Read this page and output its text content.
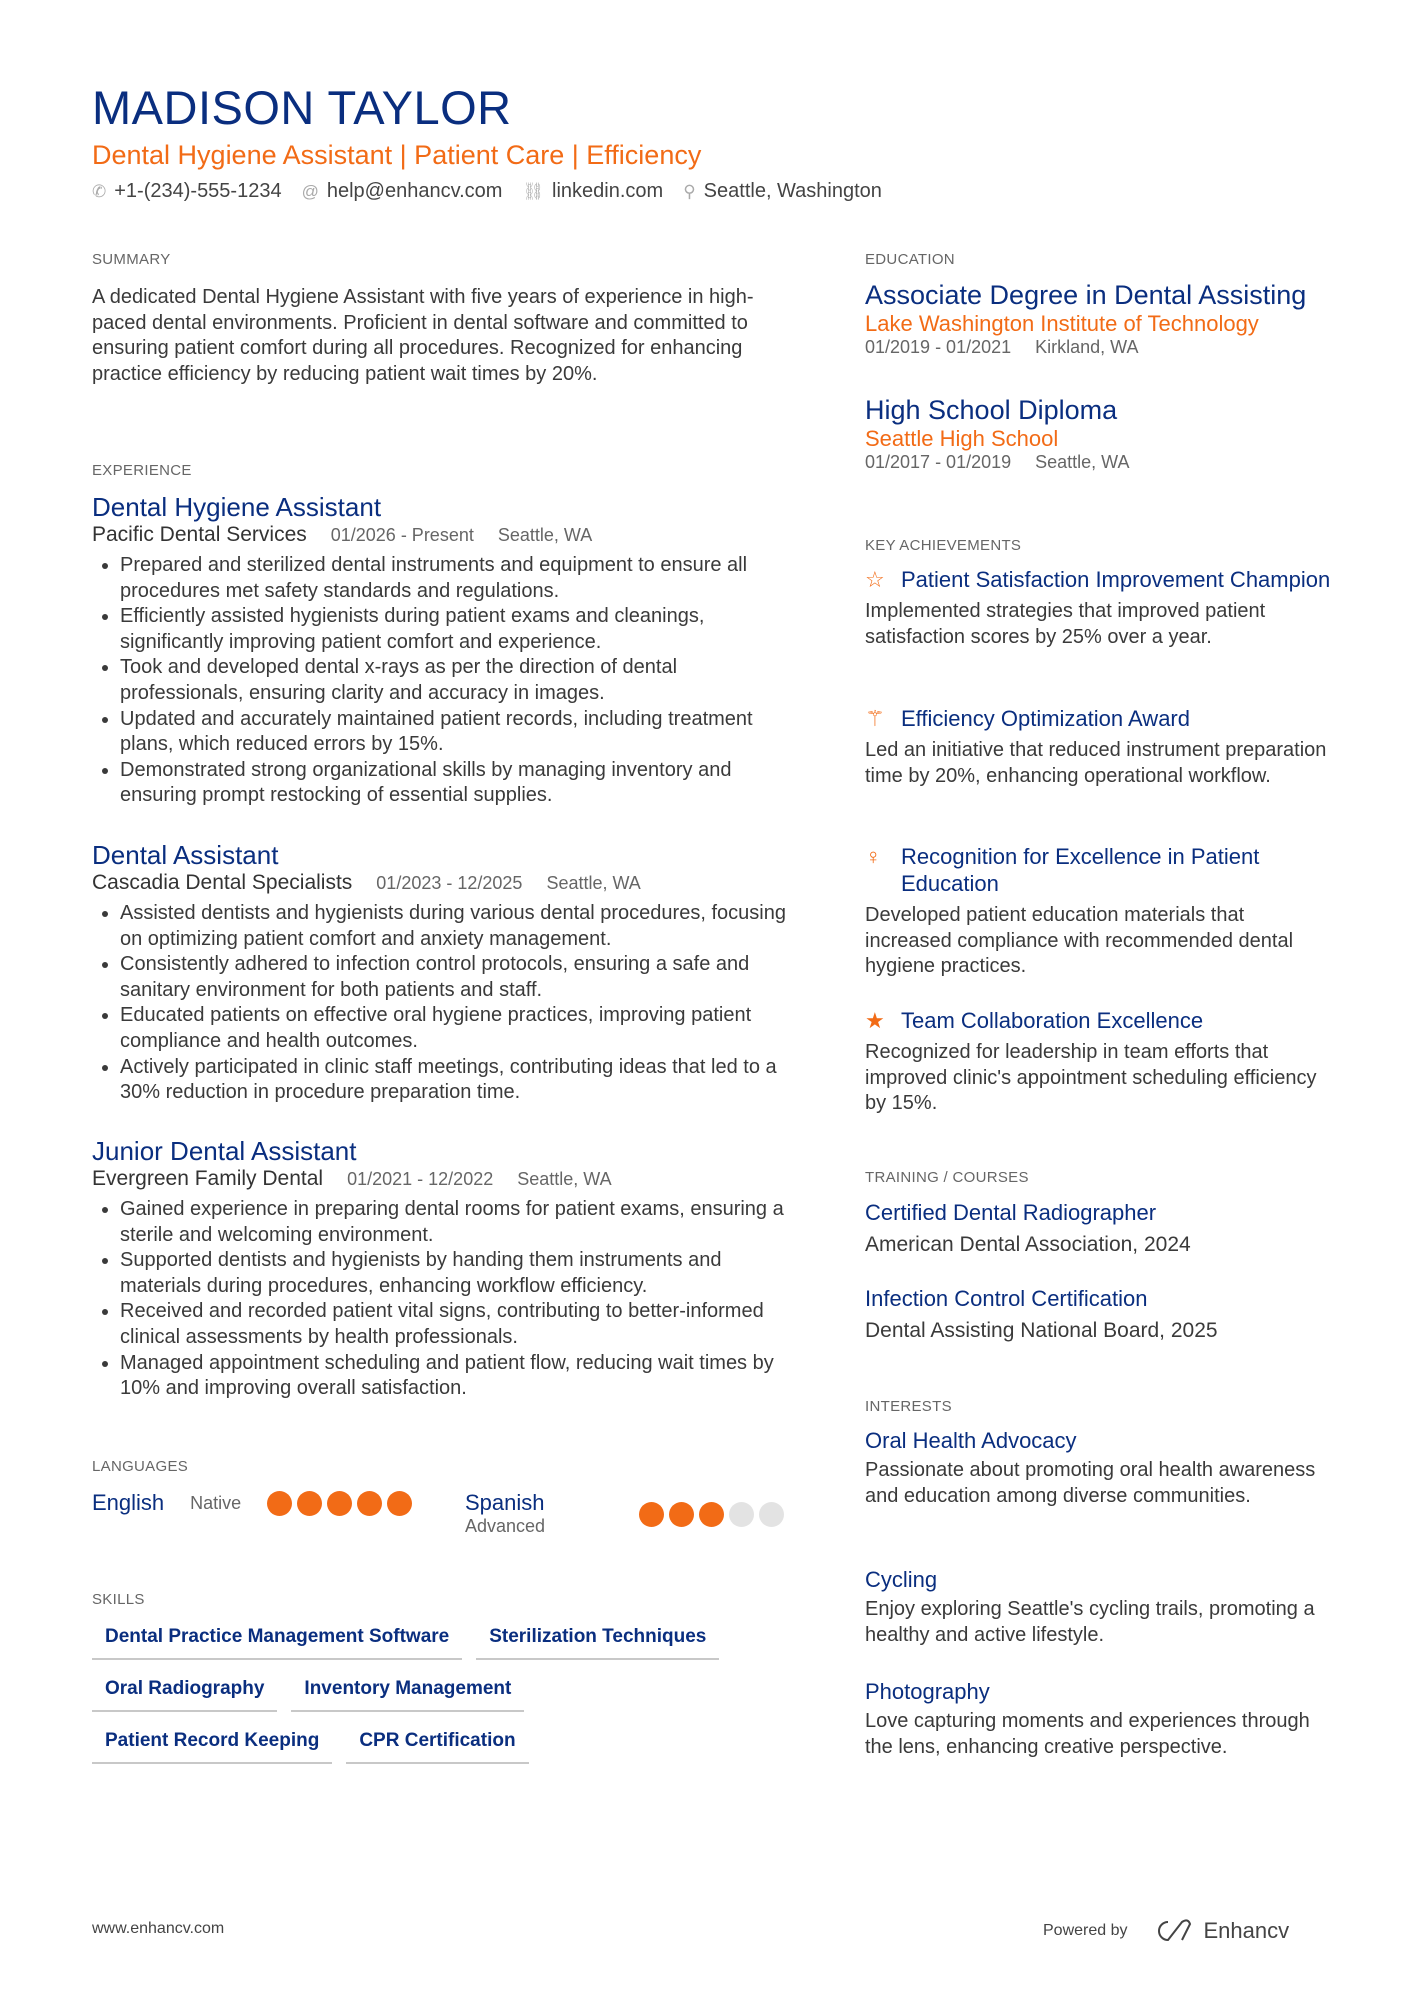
MADISON TAYLOR
Dental Hygiene Assistant | Patient Care | Efficiency
✆ +1-(234)-555-1234 @ help@enhancv.com ⛓ linkedin.com ⚲ Seattle, Washington
SUMMARY
A dedicated Dental Hygiene Assistant with five years of experience in high-paced dental environments. Proficient in dental software and committed to ensuring patient comfort during all procedures. Recognized for enhancing practice efficiency by reducing patient wait times by 20%.
EXPERIENCE
Dental Hygiene Assistant
Pacific Dental Services 01/2026 - Present Seattle, WA
• Prepared and sterilized dental instruments and equipment to ensure all procedures met safety standards and regulations.
• Efficiently assisted hygienists during patient exams and cleanings, significantly improving patient comfort and experience.
• Took and developed dental x-rays as per the direction of dental professionals, ensuring clarity and accuracy in images.
• Updated and accurately maintained patient records, including treatment plans, which reduced errors by 15%.
• Demonstrated strong organizational skills by managing inventory and ensuring prompt restocking of essential supplies.
Dental Assistant
Cascadia Dental Specialists 01/2023 - 12/2025 Seattle, WA
• Assisted dentists and hygienists during various dental procedures, focusing on optimizing patient comfort and anxiety management.
• Consistently adhered to infection control protocols, ensuring a safe and sanitary environment for both patients and staff.
• Educated patients on effective oral hygiene practices, improving patient compliance and health outcomes.
• Actively participated in clinic staff meetings, contributing ideas that led to a 30% reduction in procedure preparation time.
Junior Dental Assistant
Evergreen Family Dental 01/2021 - 12/2022 Seattle, WA
• Gained experience in preparing dental rooms for patient exams, ensuring a sterile and welcoming environment.
• Supported dentists and hygienists by handing them instruments and materials during procedures, enhancing workflow efficiency.
• Received and recorded patient vital signs, contributing to better-informed clinical assessments by health professionals.
• Managed appointment scheduling and patient flow, reducing wait times by 10% and improving overall satisfaction.
LANGUAGES
English Native	Spanish
Advanced
SKILLS
Dental Practice Management Software Sterilization Techniques
Oral Radiography Inventory Management
Patient Record Keeping CPR Certification
EDUCATION
Associate Degree in Dental Assisting
Lake Washington Institute of Technology
01/2019 - 01/2021 Kirkland, WA
High School Diploma
Seattle High School
01/2017 - 01/2019 Seattle, WA
KEY ACHIEVEMENTS
☆ Patient Satisfaction Improvement Champion
Implemented strategies that improved patient satisfaction scores by 25% over a year.
⚚ Efficiency Optimization Award
Led an initiative that reduced instrument preparation time by 20%, enhancing operational workflow.
♀ Recognition for Excellence in Patient Education
Developed patient education materials that increased compliance with recommended dental hygiene practices.
★ Team Collaboration Excellence
Recognized for leadership in team efforts that improved clinic's appointment scheduling efficiency by 15%.
TRAINING / COURSES
Certified Dental Radiographer
American Dental Association, 2024
Infection Control Certification
Dental Assisting National Board, 2025
INTERESTS
Oral Health Advocacy
Passionate about promoting oral health awareness and education among diverse communities.
Cycling
Enjoy exploring Seattle's cycling trails, promoting a healthy and active lifestyle.
Photography
Love capturing moments and experiences through the lens, enhancing creative perspective.
www.enhancv.com	Powered by	Enhancv
